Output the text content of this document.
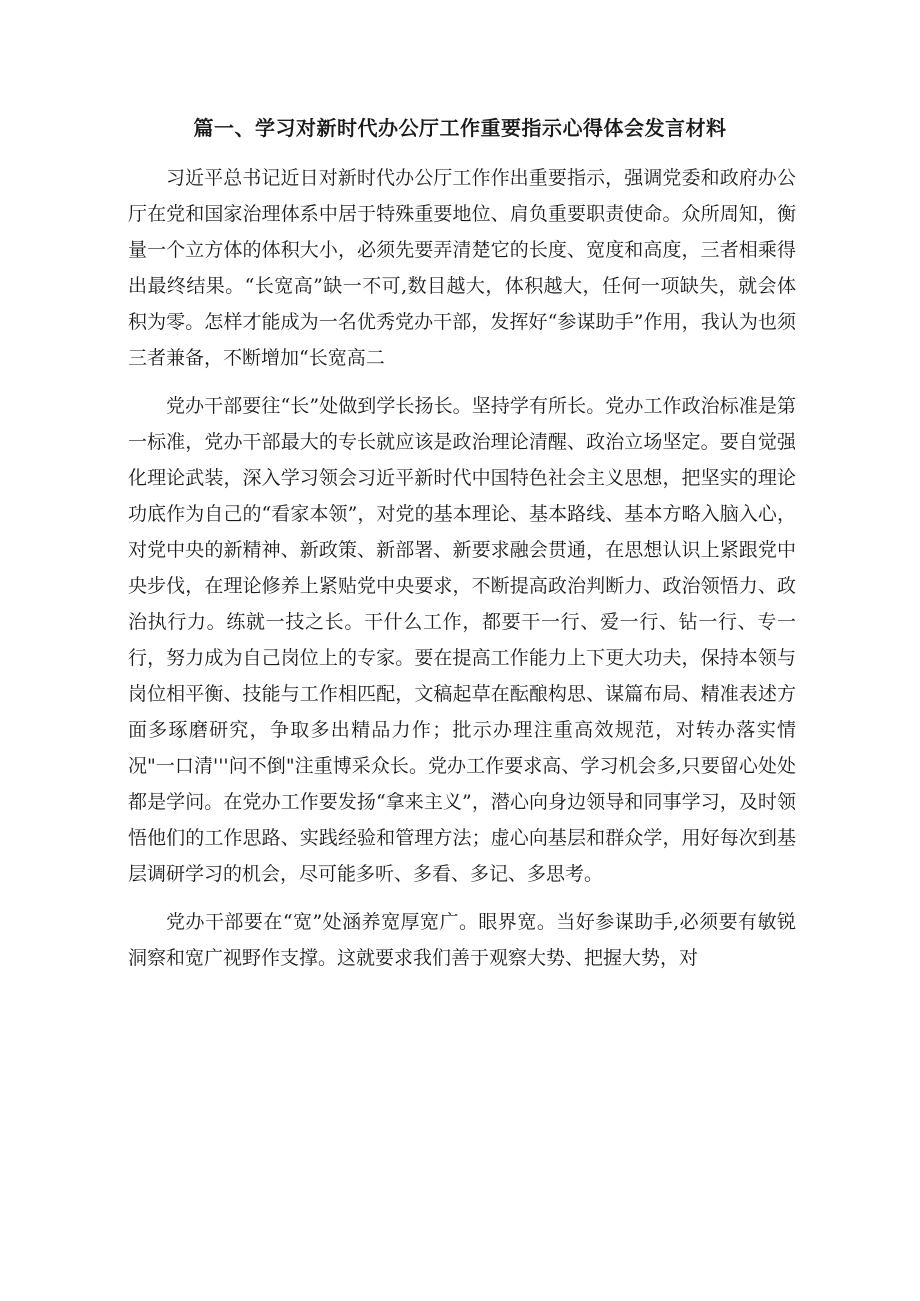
篇一、学习对新时代办公厅工作重要指示心得体会发言材料

习近平总书记近日对新时代办公厅工作作出重要指示，强调党委和政府办公厅在党和国家治理体系中居于特殊重要地位、肩负重要职责使命。众所周知，衡量一个立方体的体积大小，必须先要弄清楚它的长度、宽度和高度，三者相乘得出最终结果。“长宽高”缺一不可,数目越大，体积越大，任何一项缺失，就会体积为零。怎样才能成为一名优秀党办干部，发挥好“参谋助手”作用，我认为也须三者兼备，不断增加“长宽高二

党办干部要往“长”处做到学长扬长。坚持学有所长。党办工作政治标准是第一标准，党办干部最大的专长就应该是政治理论清醒、政治立场坚定。要自觉强化理论武装，深入学习领会习近平新时代中国特色社会主义思想，把坚实的理论功底作为自己的“看家本领”，对党的基本理论、基本路线、基本方略入脑入心，对党中央的新精神、新政策、新部署、新要求融会贯通，在思想认识上紧跟党中央步伐，在理论修养上紧贴党中央要求，不断提高政治判断力、政治领悟力、政治执行力。练就一技之长。干什么工作，都要干一行、爱一行、钻一行、专一行，努力成为自己岗位上的专家。要在提高工作能力上下更大功夫，保持本领与岗位相平衡、技能与工作相匹配，文稿起草在酝酿构思、谋篇布局、精准表述方面多琢磨研究，争取多出精品力作；批示办理注重高效规范，对转办落实情况"一口清'''问不倒"注重博采众长。党办工作要求高、学习机会多,只要留心处处都是学问。在党办工作要发扬“拿来主义”，潜心向身边领导和同事学习，及时领悟他们的工作思路、实践经验和管理方法；虚心向基层和群众学，用好每次到基层调研学习的机会，尽可能多听、多看、多记、多思考。

党办干部要在“宽”处涵养宽厚宽广。眼界宽。当好参谋助手,必须要有敏锐洞察和宽广视野作支撑。这就要求我们善于观察大势、把握大势，对
